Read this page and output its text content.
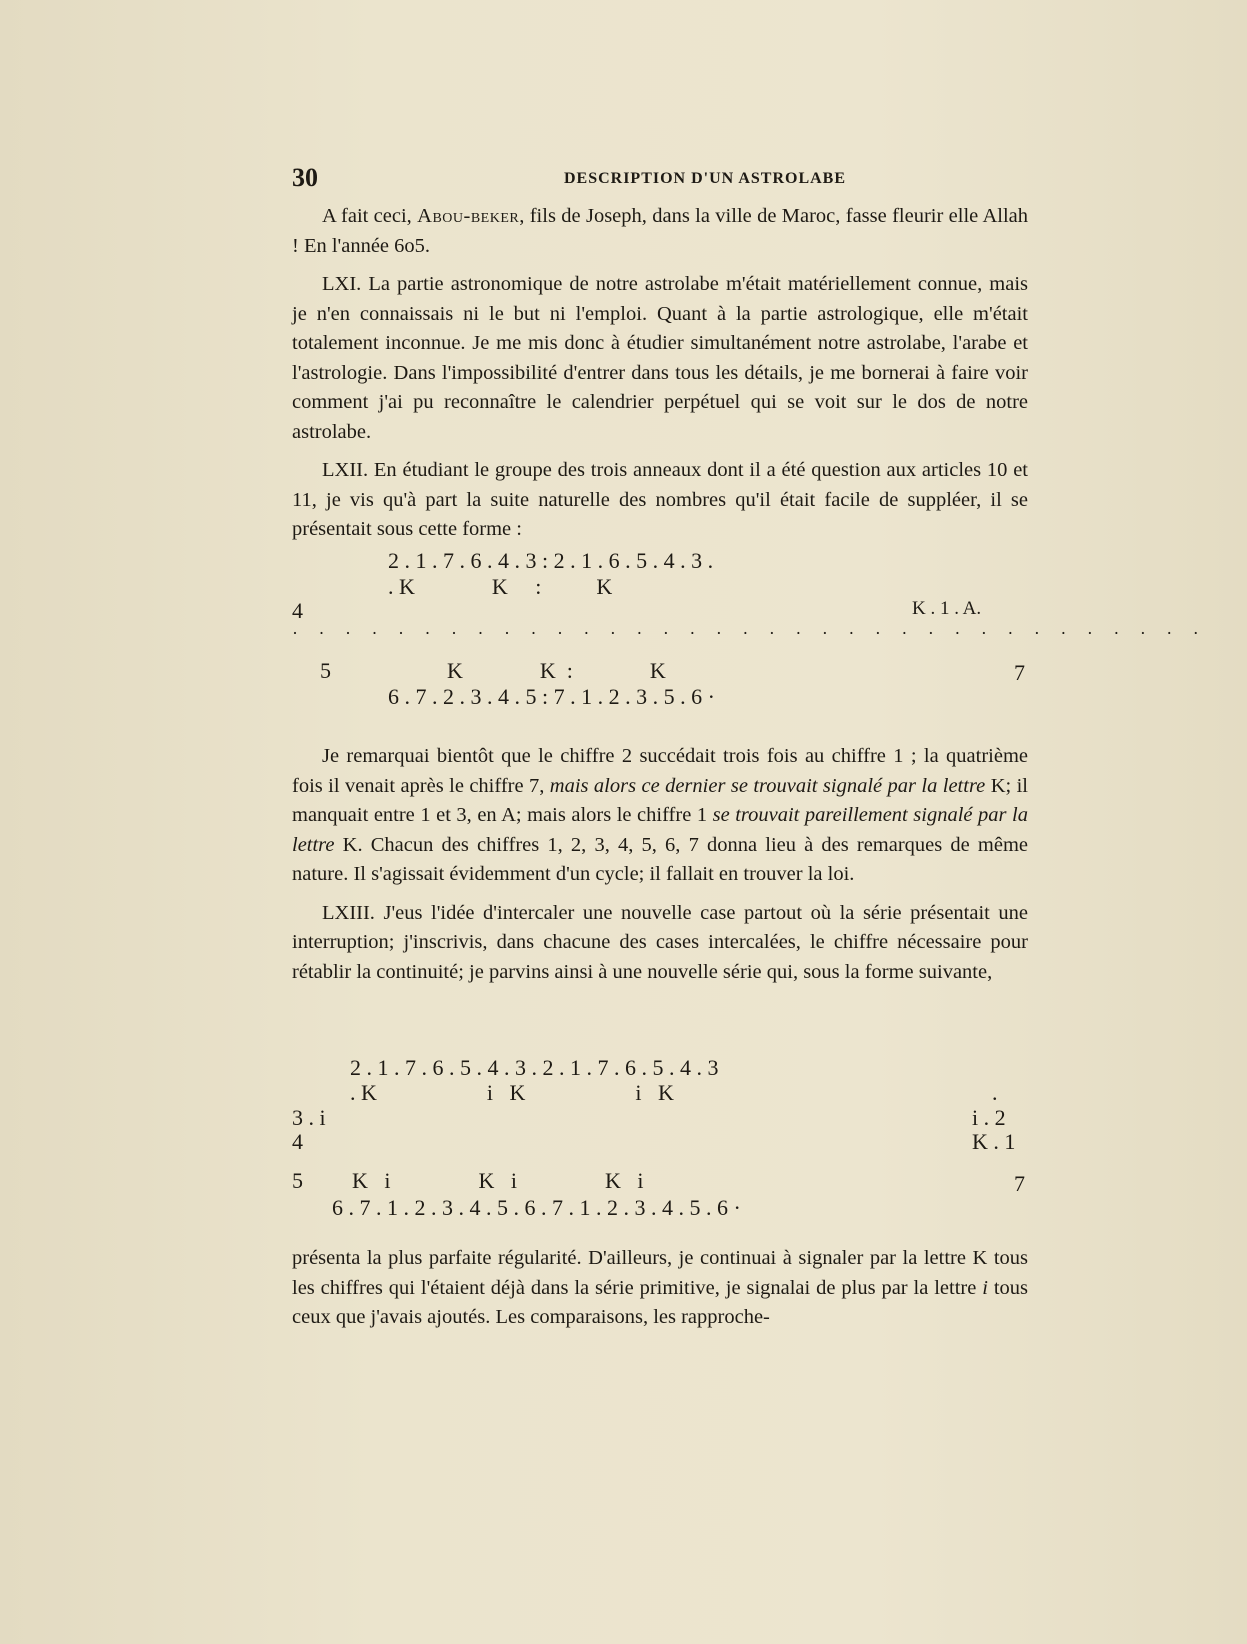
30	DESCRIPTION D'UN ASTROLABE

A fait ceci, Abou-beker, fils de Joseph, dans la ville de Maroc, fasse fleurir elle Allah ! En l'année 6o5.

LXI. La partie astronomique de notre astrolabe m'était matériellement connue, mais je n'en connaissais ni le but ni l'emploi. Quant à la partie astrologique, elle m'était totalement inconnue. Je me mis donc à étudier simultanément notre astrolabe, l'arabe et l'astrologie. Dans l'impossibilité d'entrer dans tous les détails, je me bornerai à faire voir comment j'ai pu reconnaître le calendrier perpétuel qui se voit sur le dos de notre astrolabe.

LXII. En étudiant le groupe des trois anneaux dont il a été question aux articles 10 et 11, je vis qu'à part la suite naturelle des nombres qu'il était facile de suppléer, il se présentait sous cette forme :

2 . 1 . 7 . 6 . 4 . 3 : 2 . 1 . 6 . 5 . 4 . 3 .

. K              K     :          K

4

	K . 1 . A.

· · · · · · · · · · · · · · · · · · · · · · · · · · · · · · · · · · ·

5

	K              K  :              K

	7

6 . 7 . 2 . 3 . 4 . 5 : 7 . 1 . 2 . 3 . 5 . 6 ·

Je remarquai bientôt que le chiffre 2 succédait trois fois au chiffre 1 ; la quatrième fois il venait après le chiffre 7, mais alors ce dernier se trouvait signalé par la lettre K; il manquait entre 1 et 3, en A; mais alors le chiffre 1 se trouvait pareillement signalé par la lettre K. Chacun des chiffres 1, 2, 3, 4, 5, 6, 7 donna lieu à des remarques de même nature. Il s'agissait évidemment d'un cycle; il fallait en trouver la loi.

LXIII. J'eus l'idée d'intercaler une nouvelle case partout où la série présentait une interruption; j'inscrivis, dans chacune des cases intercalées, le chiffre nécessaire pour rétablir la continuité; je parvins ainsi à une nouvelle série qui, sous la forme suivante,

2 . 1 . 7 . 6 . 5 . 4 . 3 . 2 . 1 . 7 . 6 . 5 . 4 . 3

. K                    i   K                    i   K

	.

3 . i

	i . 2

4

	K . 1

5

K   i                K   i                K   i

	7

6 . 7 . 1 . 2 . 3 . 4 . 5 . 6 . 7 . 1 . 2 . 3 . 4 . 5 . 6 ·

présenta la plus parfaite régularité. D'ailleurs, je continuai à signaler par la lettre K tous les chiffres qui l'étaient déjà dans la série primitive, je signalai de plus par la lettre i tous ceux que j'avais ajoutés. Les comparaisons, les rapproche-
